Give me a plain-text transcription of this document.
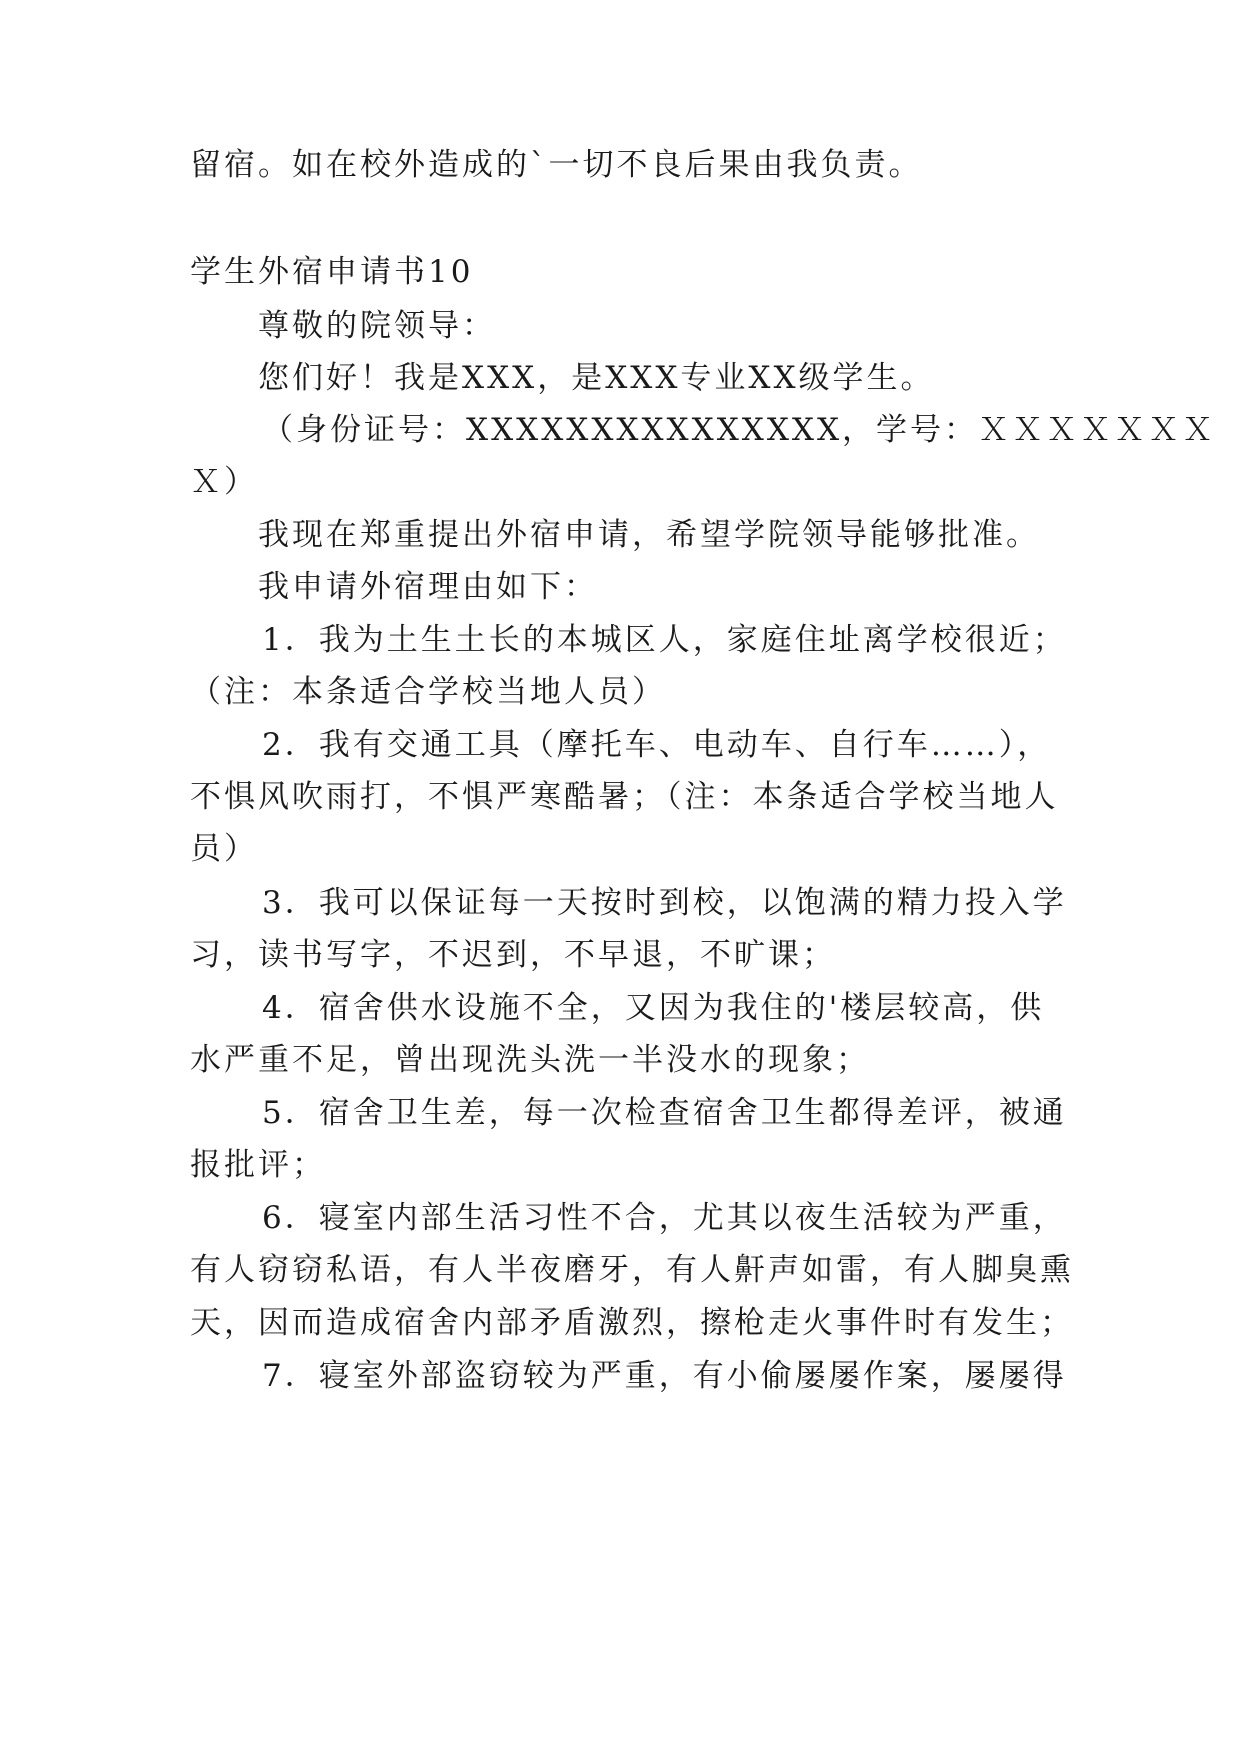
留宿。如在校外造成的`一切不良后果由我负责。
学生外宿申请书10
尊敬的院领导：
您们好！我是XXX，是XXX专业XX级学生。
（身份证号：XXXXXXXXXXXXXXX，学号：ＸＸＸＸＸＸＸ
Ｘ）
我现在郑重提出外宿申请，希望学院领导能够批准。
我申请外宿理由如下：
1．我为土生土长的本城区人，家庭住址离学校很近；
（注：本条适合学校当地人员）
2．我有交通工具（摩托车、电动车、自行车……），
不惧风吹雨打，不惧严寒酷暑；（注：本条适合学校当地人
员）
3．我可以保证每一天按时到校，以饱满的精力投入学
习，读书写字，不迟到，不早退，不旷课；
4．宿舍供水设施不全，又因为我住的'楼层较高，供
水严重不足，曾出现洗头洗一半没水的现象；
5．宿舍卫生差，每一次检查宿舍卫生都得差评，被通
报批评；
6．寝室内部生活习性不合，尤其以夜生活较为严重，
有人窃窃私语，有人半夜磨牙，有人鼾声如雷，有人脚臭熏
天，因而造成宿舍内部矛盾激烈，擦枪走火事件时有发生；
7．寝室外部盗窃较为严重，有小偷屡屡作案，屡屡得
